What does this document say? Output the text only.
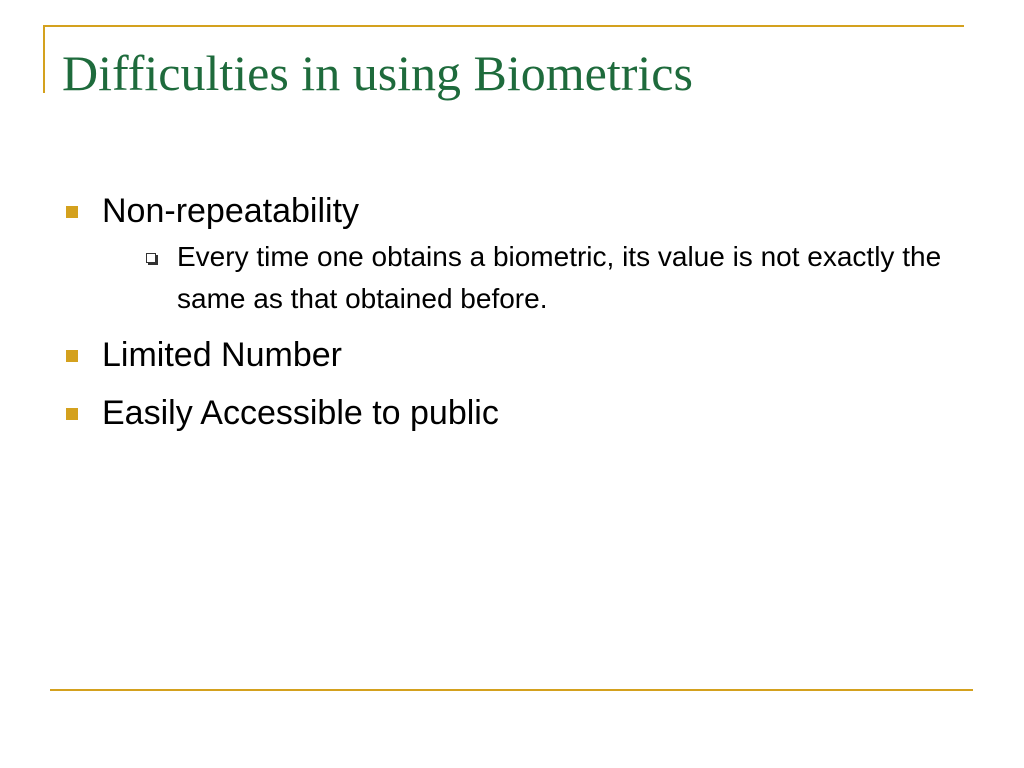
Difficulties in using Biometrics
Non-repeatability
Every time one obtains a biometric, its value is not exactly the same as that obtained before.
Limited Number
Easily Accessible to public
